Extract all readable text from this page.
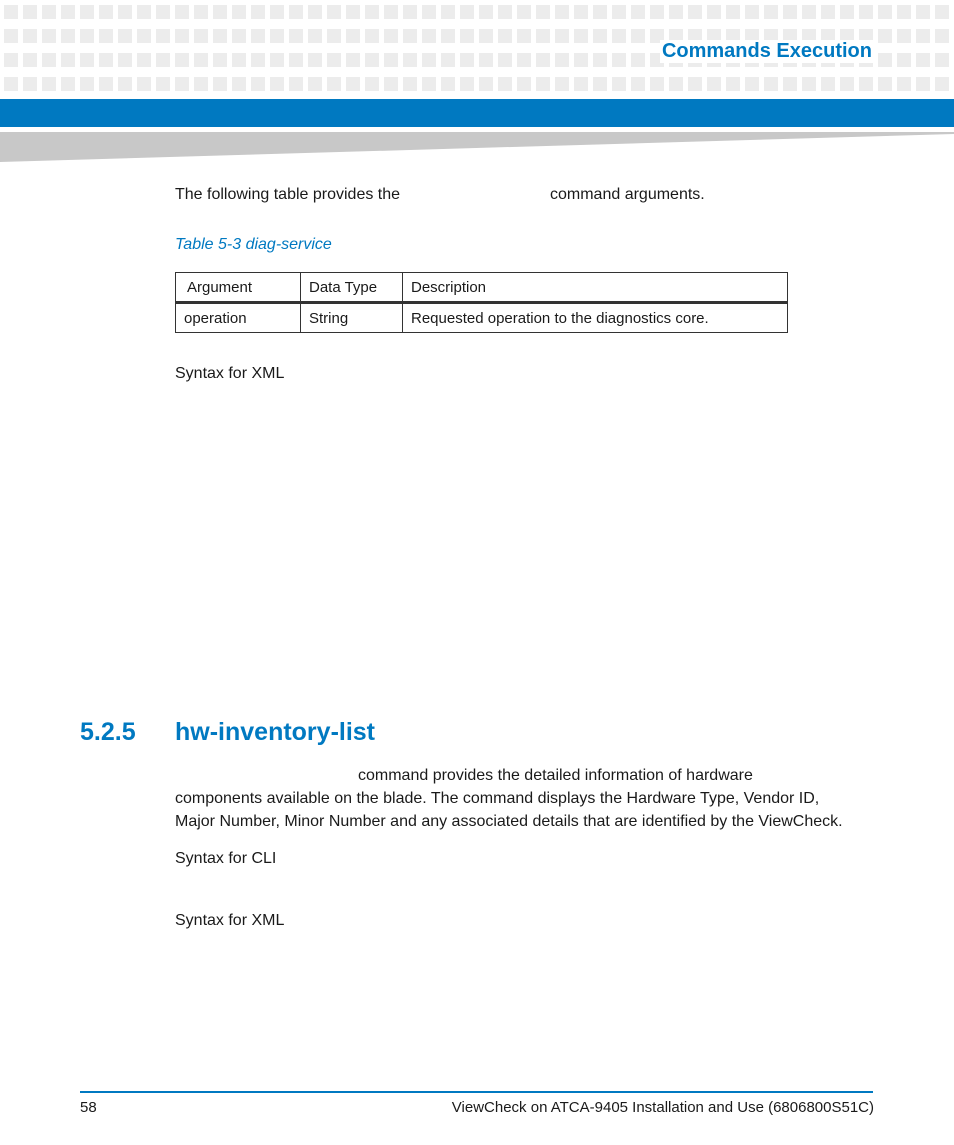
Commands Execution
The following table provides the	command arguments.
Table 5-3 diag-service
Argument	Data Type	Description
operation	String	Requested operation to the diagnostics core.
Syntax for XML
5.2.5 hw-inventory-list
command provides the detailed information of hardware
components available on the blade. The command displays the Hardware Type, Vendor ID,
Major Number, Minor Number and any associated details that are identified by the ViewCheck.
Syntax for CLI
Syntax for XML
58	ViewCheck on ATCA-9405 Installation and Use (6806800S51C)
